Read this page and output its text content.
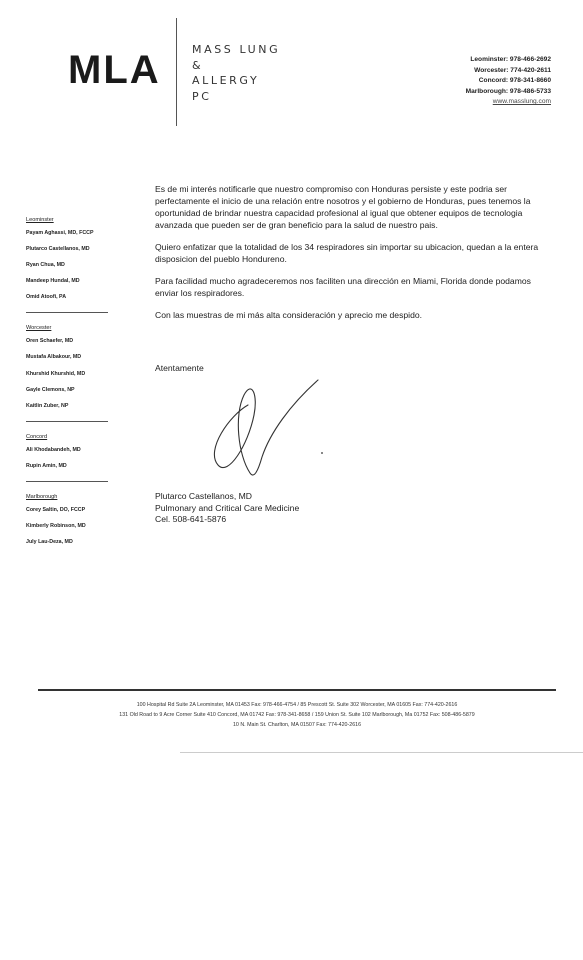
MLA	MASS LUNG
&
ALLERGY
PC
Leominster: 978-466-2692
Worcester: 774-420-2611
Concord: 978-341-8660
Marlborough: 978-486-5733
www.masslung.com
Leominster
Payam Aghassi, MD, FCCP
Plutarco Castellanos, MD
Ryan Chua, MD
Mandeep Hundal, MD
Omid Atoofi, PA
Worcester
Oren Schaefer, MD
Mustafa Albakour, MD
Khurshid Khurshid, MD
Gayle Clemons, NP
Kaitlin Zuber, NP
Concord
Ali Khodabandeh, MD
Rupin Amin, MD
Marlborough
Corey Saltin, DO, FCCP
Kimberly Robinson, MD
July Lau-Deza, MD

Es de mi interés notificarle que nuestro compromiso con Honduras persiste y este podria ser perfectamente el inicio de una relación entre nosotros y el gobierno de Honduras, pues tenemos la oportunidad de brindar nuestra capacidad profesional al igual que obtener equipos de tecnologia avanzada que pueden ser de gran beneficio para la salud de nuestro pais.

Quiero enfatizar que la totalidad de los 34 respiradores sin importar su ubicacion, quedan a la entera disposicion del pueblo Hondureno.

Para facilidad mucho agradeceremos nos faciliten una dirección en Miami, Florida donde podamos enviar los respiradores.

Con las muestras de mi más alta consideración y aprecio me despido.

Atentamente
Plutarco Castellanos, MD
Pulmonary and Critical Care Medicine
Cel. 508-641-5876
100 Hospital Rd Suite 2A Leominster, MA 01453 Fax: 978-466-4754 / 85 Prescott St. Suite 302 Worcester, MA 01605 Fax: 774-420-2616
131 Old Road to 9 Acre Corner Suite 410 Concord, MA 01742 Fax: 978-341-8658 / 159 Union St. Suite 102 Marlborough, Ma 01752 Fax: 508-486-5879
10 N. Main St. Charlton, MA 01507 Fax: 774-420-2616
